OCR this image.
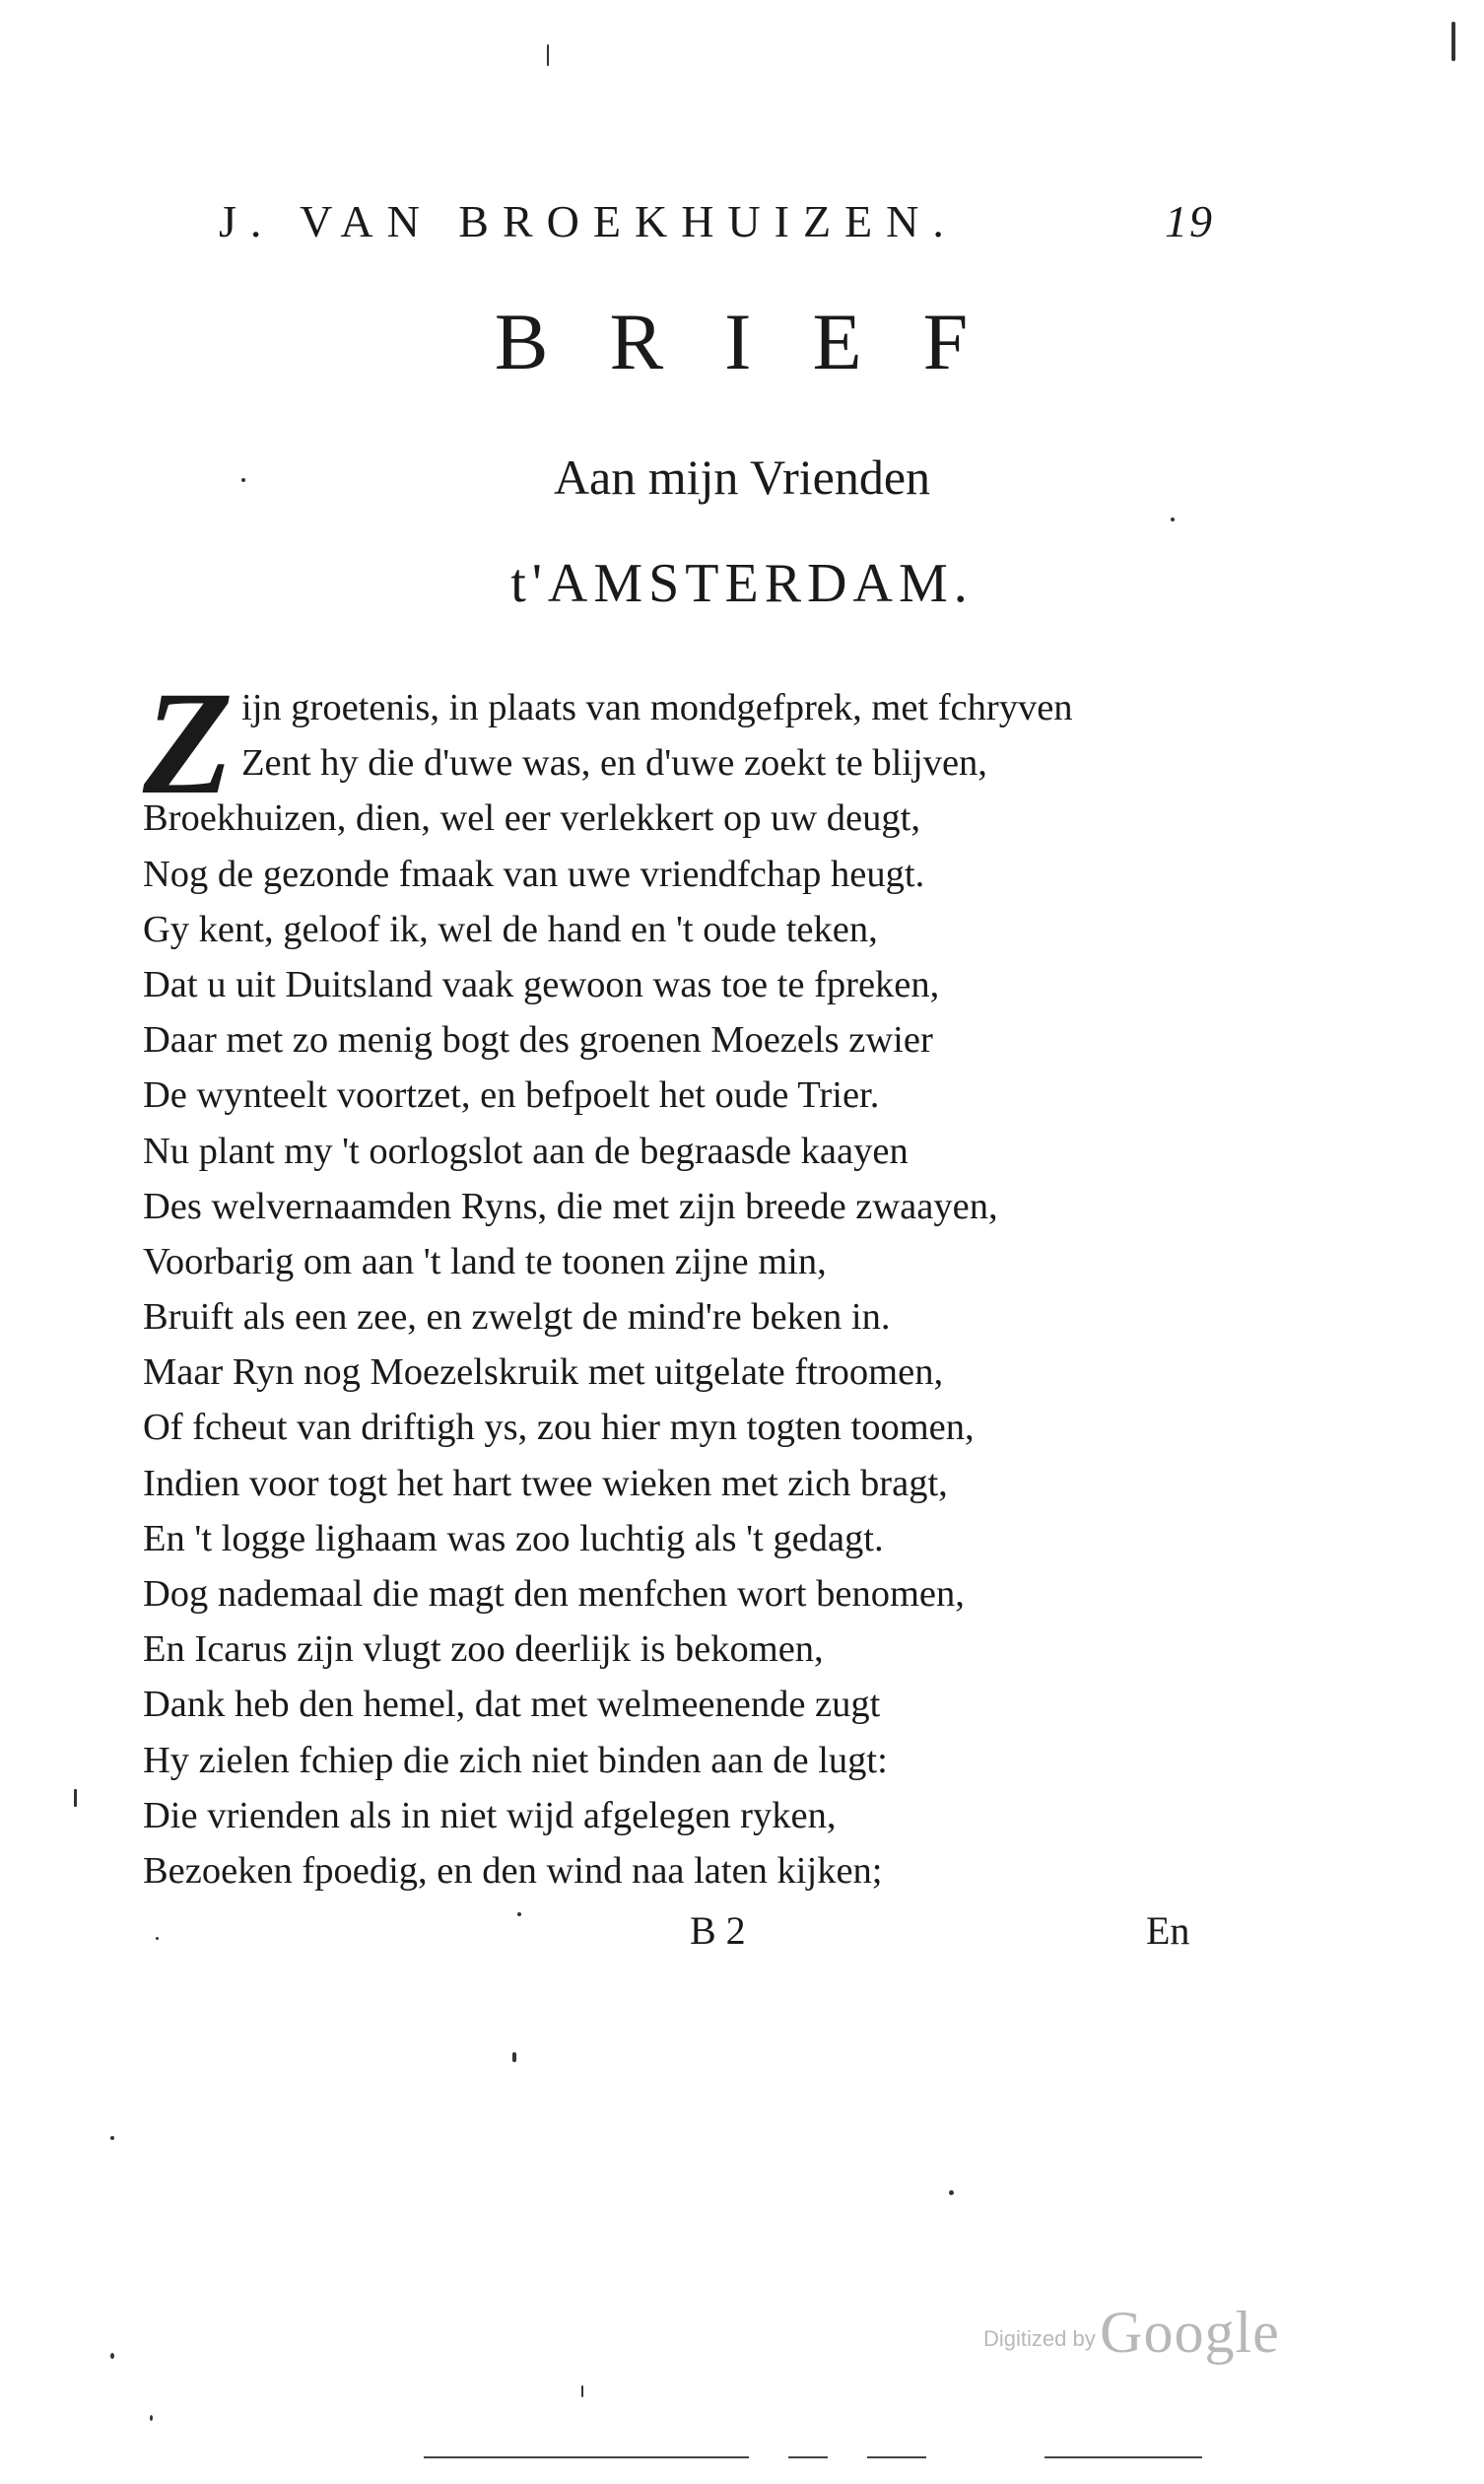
J. VAN BROEKHUIZEN.	19
BRIEF
Aan mijn Vrienden
t'AMSTERDAM.
Z ijn groetenis, in plaats van mondgefprek, met fchryven
Zent hy die d'uwe was, en d'uwe zoekt te blijven,
Broekhuizen, dien, wel eer verlekkert op uw deugt,
Nog de gezonde fmaak van uwe vriendfchap heugt.
Gy kent, geloof ik, wel de hand en 't oude teken,
Dat u uit Duitsland vaak gewoon was toe te fpreken,
Daar met zo menig bogt des groenen Moezels zwier
De wynteelt voortzet, en befpoelt het oude Trier.
Nu plant my 't oorlogslot aan de begraasde kaayen
Des welvernaamden Ryns, die met zijn breede zwaayen,
Voorbarig om aan 't land te toonen zijne min,
Bruift als een zee, en zwelgt de mind're beken in.
Maar Ryn nog Moezelskruik met uitgelate ftroomen,
Of fcheut van driftigh ys, zou hier myn togten toomen,
Indien voor togt het hart twee wieken met zich bragt,
En 't logge lighaam was zoo luchtig als 't gedagt.
Dog nademaal die magt den menfchen wort benomen,
En Icarus zijn vlugt zoo deerlijk is bekomen,
Dank heb den hemel, dat met welmeenende zugt
Hy zielen fchiep die zich niet binden aan de lugt:
Die vrienden als in niet wijd afgelegen ryken,
Bezoeken fpoedig, en den wind naa laten kijken;
B 2	En
Digitized by Google
